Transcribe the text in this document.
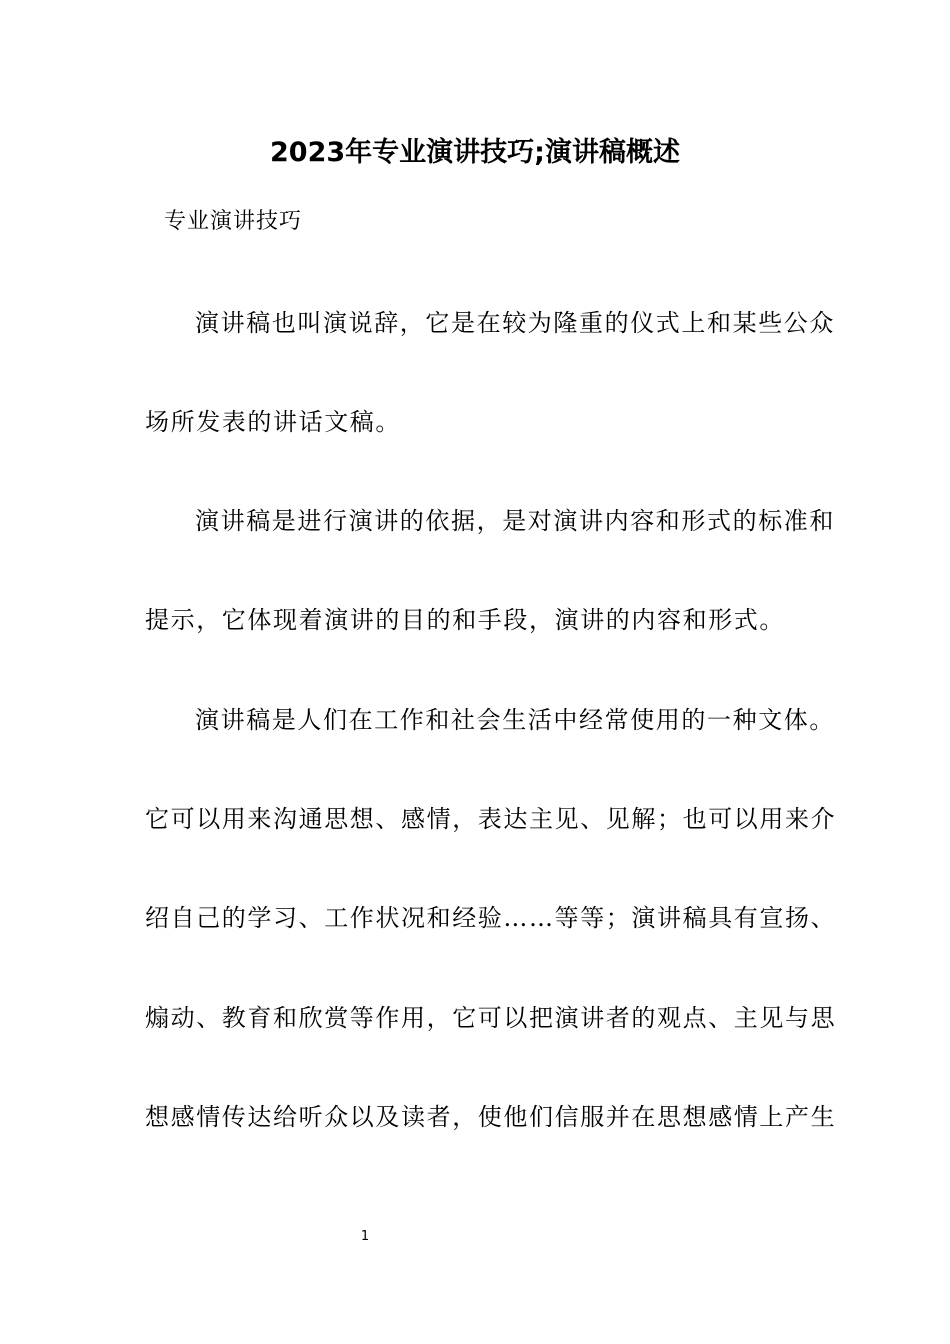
2023年专业演讲技巧;演讲稿概述
专业演讲技巧
演讲稿也叫演说辞，它是在较为隆重的仪式上和某些公众
场所发表的讲话文稿。
演讲稿是进行演讲的依据，是对演讲内容和形式的标准和
提示，它体现着演讲的目的和手段，演讲的内容和形式。
演讲稿是人们在工作和社会生活中经常使用的一种文体。
它可以用来沟通思想、感情，表达主见、见解；也可以用来介
绍自己的学习、工作状况和经验……等等；演讲稿具有宣扬、
煽动、教育和欣赏等作用，它可以把演讲者的观点、主见与思
想感情传达给听众以及读者，使他们信服并在思想感情上产生
1
